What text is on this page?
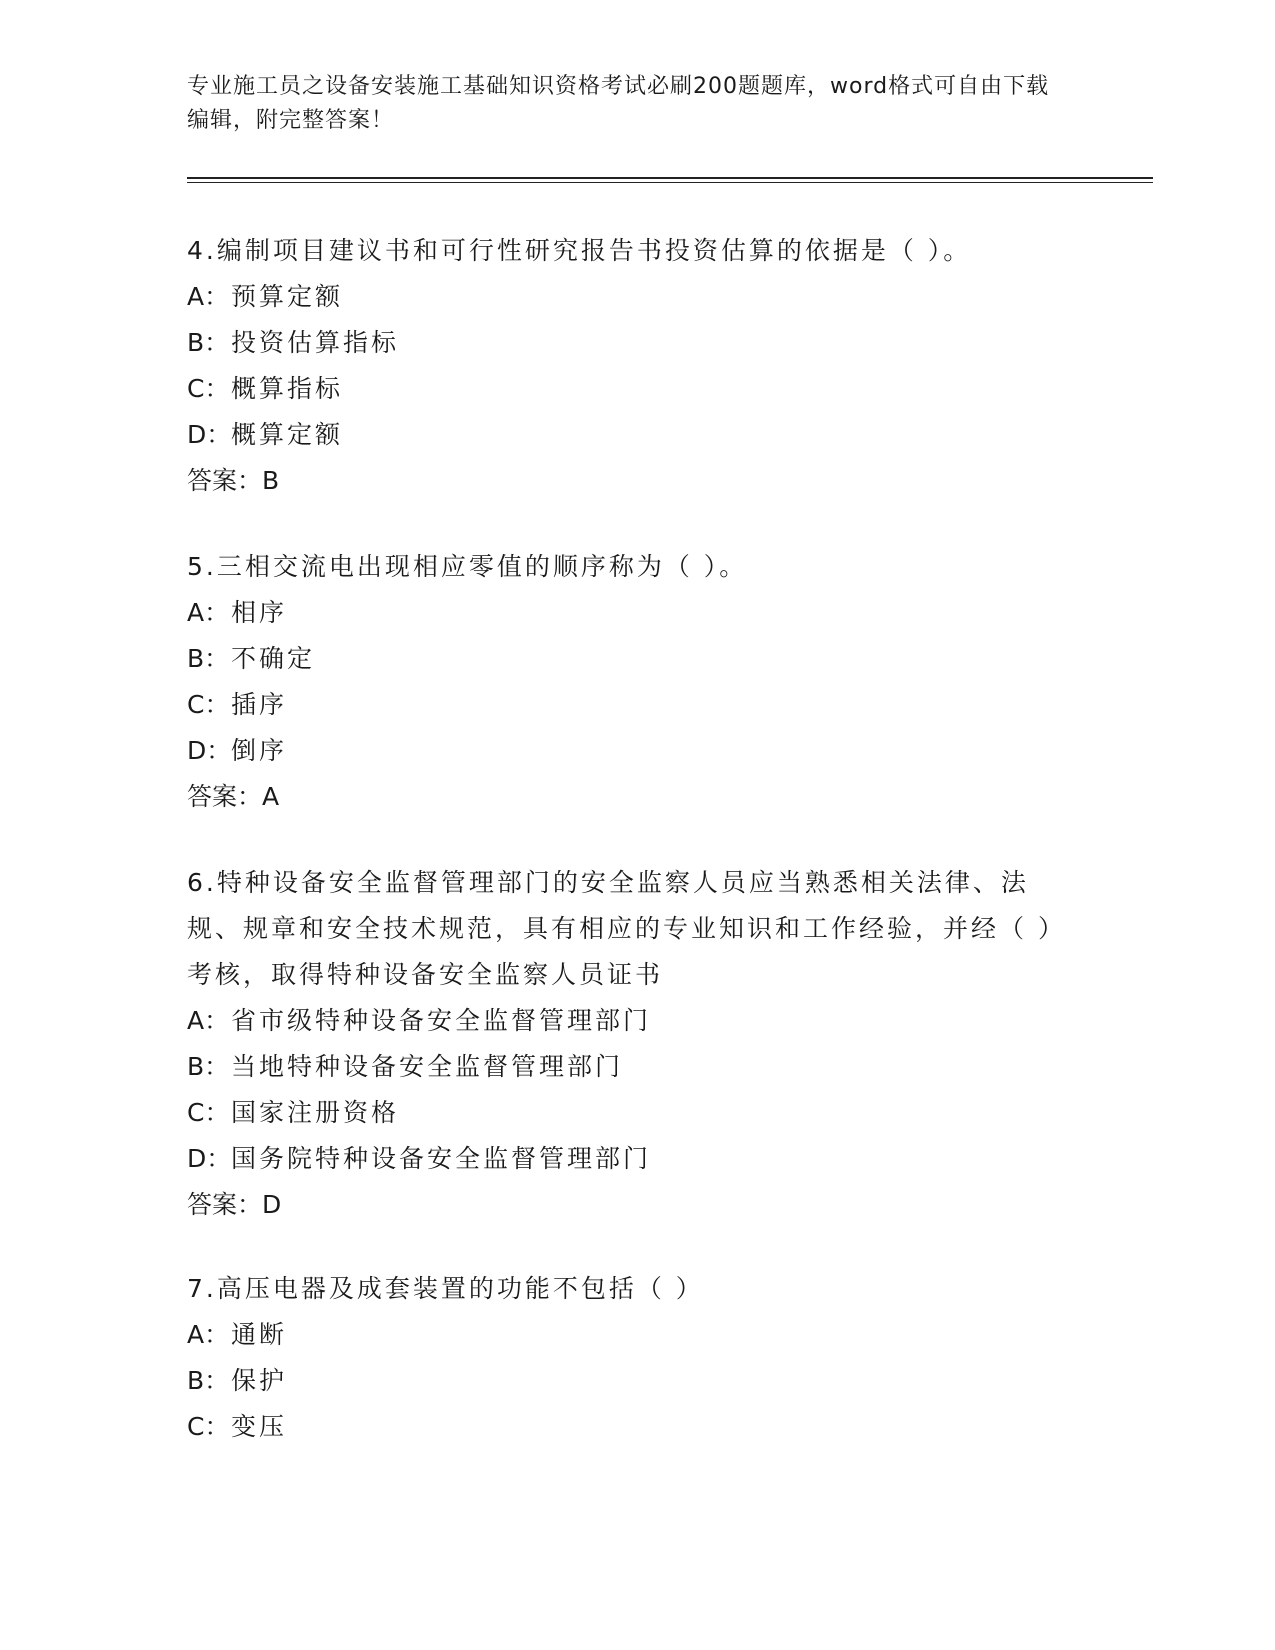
专业施工员之设备安装施工基础知识资格考试必刷200题题库，word格式可自由下载编辑，附完整答案！

4.编制项目建议书和可行性研究报告书投资估算的依据是（ ）。

A：预算定额

B：投资估算指标

C：概算指标

D：概算定额

答案：B

5.三相交流电出现相应零值的顺序称为（ ）。

A：相序

B：不确定

C：插序

D：倒序

答案：A

6.特种设备安全监督管理部门的安全监察人员应当熟悉相关法律、法规、规章和安全技术规范，具有相应的专业知识和工作经验，并经（ ）考核，取得特种设备安全监察人员证书

A：省市级特种设备安全监督管理部门

B：当地特种设备安全监督管理部门

C：国家注册资格

D：国务院特种设备安全监督管理部门

答案：D

7.高压电器及成套装置的功能不包括（ ）

A：通断

B：保护

C：变压
